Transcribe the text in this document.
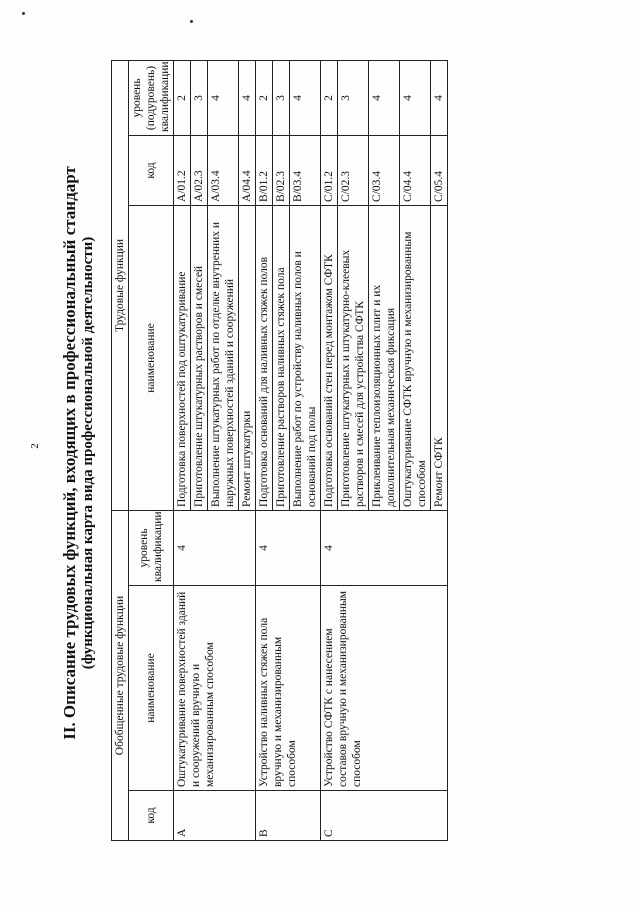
2 II. Описание трудовых функций, входящих в профессиональный стандарт (функциональная карта вида профессиональной деятельности)
Обобщенные трудовые функции			Трудовые функции		
код	наименование	уровень квалификации	наименование	код	уровень (подуровень) квалификации
A	Оштукатуривание поверхностей зданий и сооружений вручную и механизированным способом	4	Подготовка поверхностей под оштукатуривание	A/01.2	2
			Приготовление штукатурных растворов и смесей	A/02.3	3
			Выполнение штукатурных работ по отделке внутренних и наружных поверхностей зданий и сооружений	A/03.4	4
			Ремонт штукатурки	A/04.4	4
B	Устройство наливных стяжек пола вручную и механизированным способом	4	Подготовка оснований для наливных стяжек полов	B/01.2	2
			Приготовление растворов наливных стяжек пола	B/02.3	3
			Выполнение работ по устройству наливных полов и оснований под полы	B/03.4	4
C	Устройство СФТК с нанесением составов вручную и механизированным способом	4	Подготовка оснований стен перед монтажом СФТК	C/01.2	2
			Приготовление штукатурных и штукатурно-клеевых растворов и смесей для устройства СФТК	C/02.3	3
			Приклеивание теплоизоляционных плит и их дополнительная механическая фиксация	C/03.4	4
			Оштукатуривание СФТК вручную и механизированным способом	C/04.4	4
			Ремонт СФТК	C/05.4	4
